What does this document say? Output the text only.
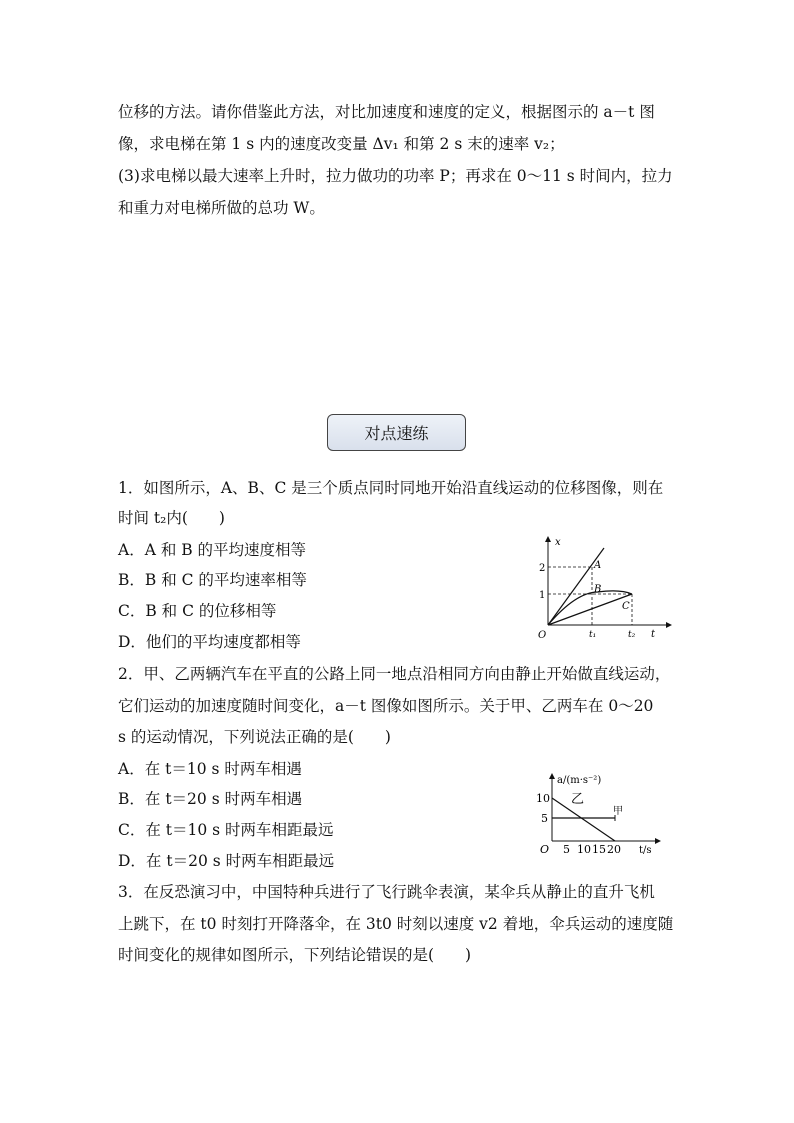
位移的方法。请你借鉴此方法，对比加速度和速度的定义，根据图示的 a－t 图
像，求电梯在第 1 s 内的速度改变量 Δv₁ 和第 2 s 末的速率 v₂；
(3)求电梯以最大速率上升时，拉力做功的功率 P；再求在 0～11 s 时间内，拉力
和重力对电梯所做的总功 W。
对点速练
1．如图所示，A、B、C 是三个质点同时同地开始沿直线运动的位移图像，则在
时间 t₂内(　　)
A．A 和 B 的平均速度相等
B．B 和 C 的平均速率相等
C．B 和 C 的位移相等
D．他们的平均速度都相等
x
t
O
2
1
t₁	t₂
A
B
C
2．甲、乙两辆汽车在平直的公路上同一地点沿相同方向由静止开始做直线运动，
它们运动的加速度随时间变化，a－t 图像如图所示。关于甲、乙两车在 0～20
s 的运动情况，下列说法正确的是(　　)
A．在 t＝10 s 时两车相遇
B．在 t＝20 s 时两车相遇
C．在 t＝10 s 时两车相距最远
D．在 t＝20 s 时两车相距最远
a/(m·s⁻²)
t/s
O
10
5
5 10 15 20
乙
甲
3．在反恐演习中，中国特种兵进行了飞行跳伞表演，某伞兵从静止的直升飞机
上跳下，在 t0 时刻打开降落伞，在 3t0 时刻以速度 v2 着地，伞兵运动的速度随
时间变化的规律如图所示，下列结论错误的是(　　)
